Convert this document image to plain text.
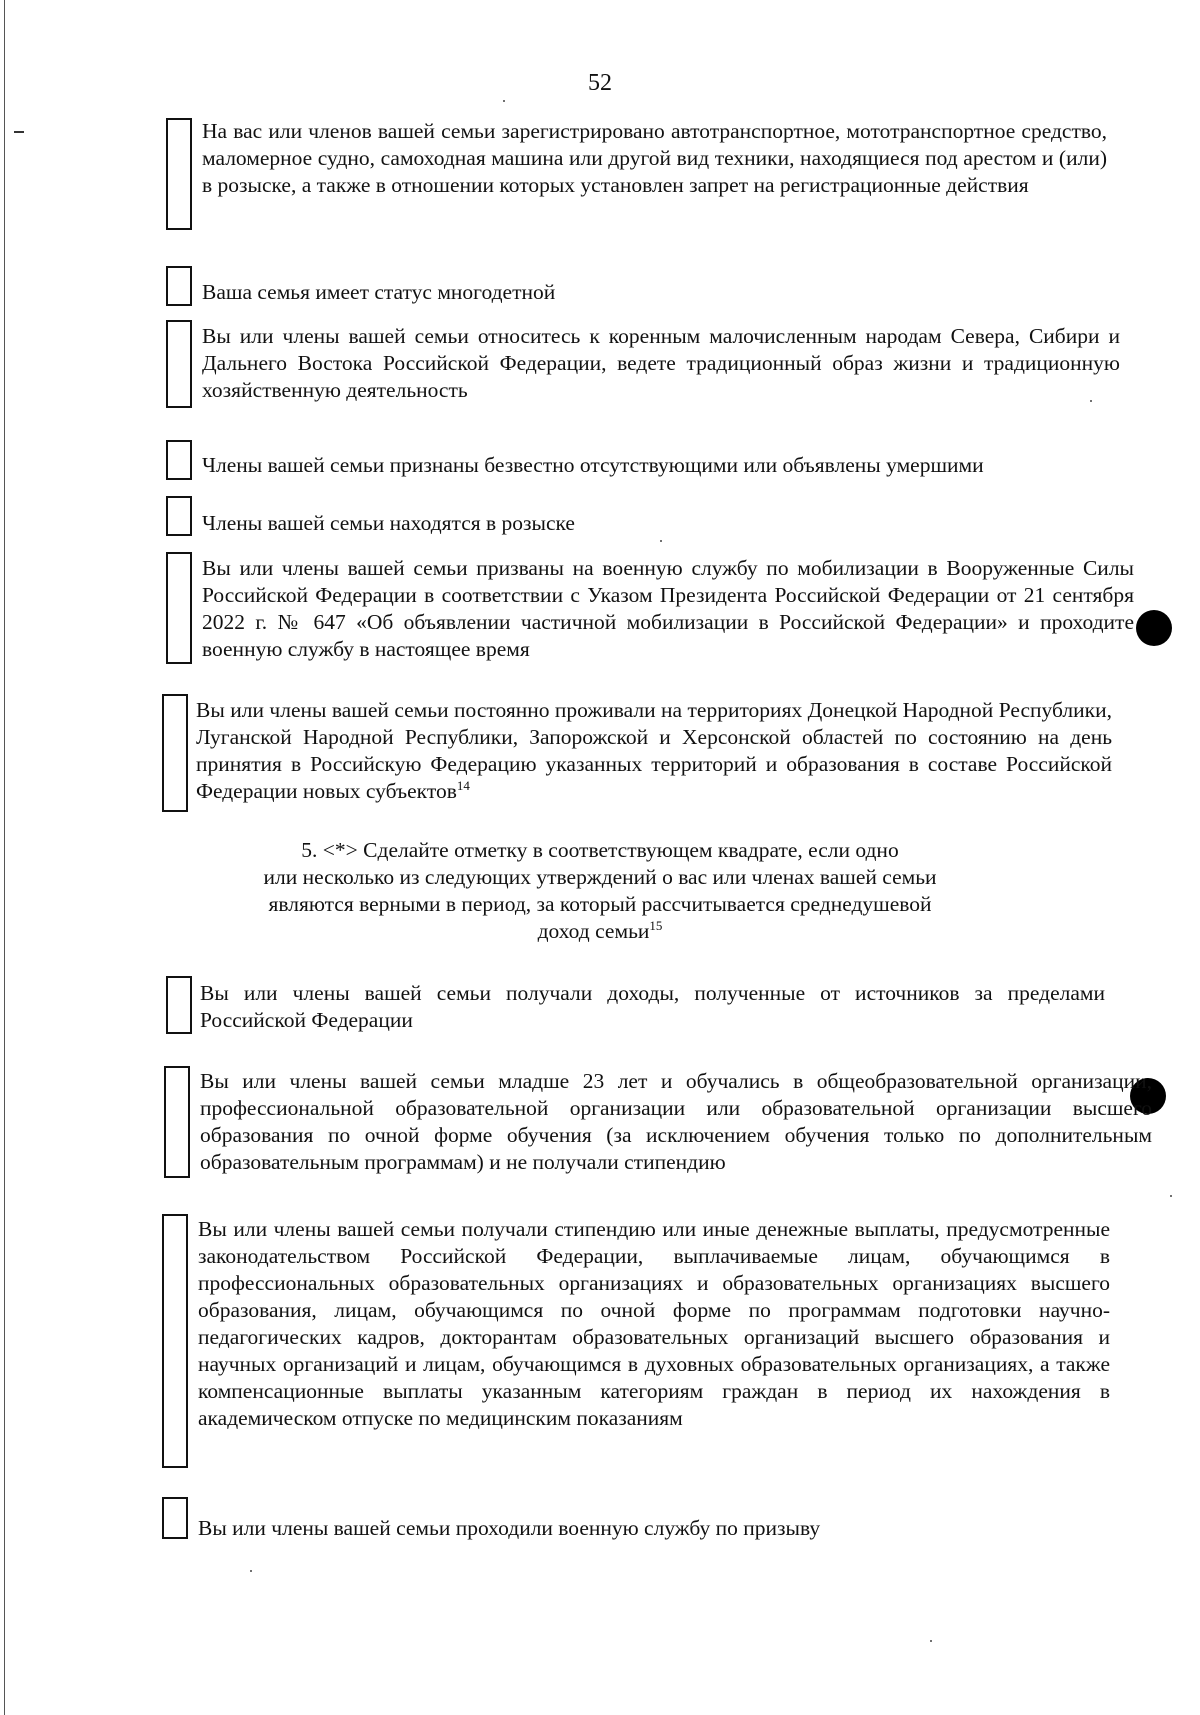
52
На вас или членов вашей семьи зарегистрировано автотранспортное, мототранспортное средство, маломерное судно, самоходная машина или другой вид техники, находящиеся под арестом и (или) в розыске, а также в отношении которых установлен запрет на регистрационные действия
Ваша семья имеет статус многодетной
Вы или члены вашей семьи относитесь к коренным малочисленным народам Севера, Сибири и Дальнего Востока Российской Федерации, ведете традиционный образ жизни и традиционную хозяйственную деятельность
Члены вашей семьи признаны безвестно отсутствующими или объявлены умершими
Члены вашей семьи находятся в розыске
Вы или члены вашей семьи призваны на военную службу по мобилизации в Вооруженные Силы Российской Федерации в соответствии с Указом Президента Российской Федерации от 21 сентября 2022 г. № 647 «Об объявлении частичной мобилизации в Российской Федерации» и проходите военную службу в настоящее время
Вы или члены вашей семьи постоянно проживали на территориях Донецкой Народной Республики, Луганской Народной Республики, Запорожской и Херсонской областей по состоянию на день принятия в Российскую Федерацию указанных территорий и образования в составе Российской Федерации новых субъектов$^{14}$
5. <*> Сделайте отметку в соответствующем квадрате, если одно
или несколько из следующих утверждений о вас или членах вашей семьи
являются верными в период, за который рассчитывается среднедушевой
доход семьи$^{15}$
Вы или члены вашей семьи получали доходы, полученные от источников за пределами Российской Федерации
Вы или члены вашей семьи младше 23 лет и обучались в общеобразовательной организации, профессиональной образовательной организации или образовательной организации высшего образования по очной форме обучения (за исключением обучения только по дополнительным образовательным программам) и не получали стипендию
Вы или члены вашей семьи получали стипендию или иные денежные выплаты, предусмотренные законодательством Российской Федерации, выплачиваемые лицам, обучающимся в профессиональных образовательных организациях и образовательных организациях высшего образования, лицам, обучающимся по очной форме по программам подготовки научно-педагогических кадров, докторантам образовательных организаций высшего образования и научных организаций и лицам, обучающимся в духовных образовательных организациях, а также компенсационные выплаты указанным категориям граждан в период их нахождения в академическом отпуске по медицинским показаниям
Вы или члены вашей семьи проходили военную службу по призыву
